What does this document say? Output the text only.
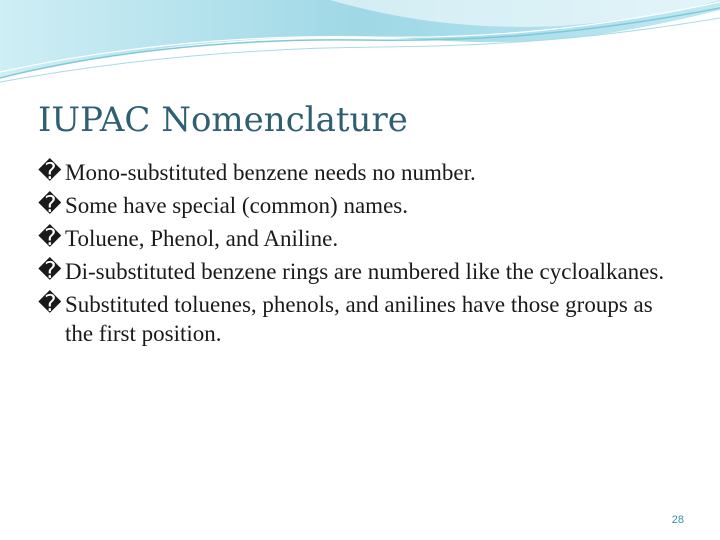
IUPAC Nomenclature
� Mono-substituted benzene needs no number.
� Some have special (common) names.
� Toluene, Phenol, and Aniline.
� Di-substituted benzene rings are numbered like the cycloalkanes.
� Substituted toluenes, phenols, and anilines have those groups as the first position.
28
